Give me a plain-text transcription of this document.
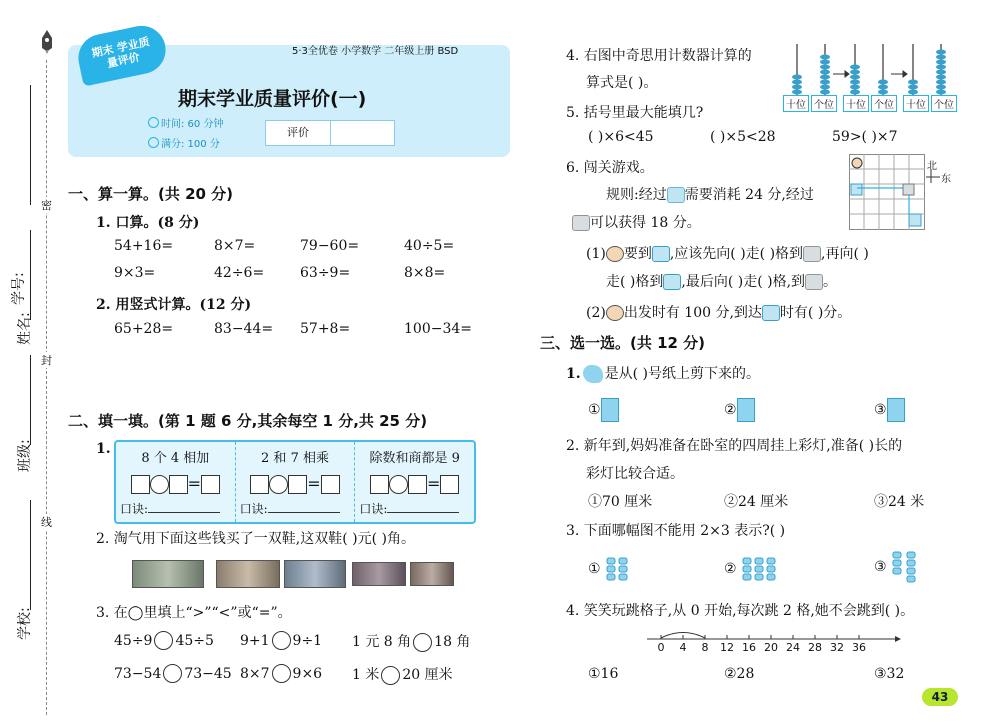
密
封
线
学号:
姓名:
班级:
学校:
期末 学业质量评价	5·3全优卷 小学数学 二年级上册 BSD
期末学业质量评价(一)
时间: 60 分钟
满分: 100 分
评价
一、算一算。(共 20 分)
1. 口算。(8 分)
54+16=	8×7=	79−60=	40÷5=
9×3=	42÷6=	63÷9=	8×8=
2. 用竖式计算。(12 分)
65+28=	83−44=	57+8=	100−34=
二、填一填。(第 1 题 6 分,其余每空 1 分,共 25 分)
1.
8 个 4 相加
=
口诀:
2 和 7 相乘
=
口诀:
除数和商都是 9
=
口诀:
2. 淘气用下面这些钱买了一双鞋,这双鞋( )元( )角。
3. 在◯里填上“>”“<”或“=”。
45÷9 45÷5	9+1 9÷1	1 元 8 角 18 角
73−54 73−45 8×7 9×6	1 米 20 厘米
4. 右图中奇思用计数器计算的
算式是( )。
十位 个位	十位 个位	十位 个位
5. 括号里最大能填几?
( )×6<45	( )×5<28	59>( )×7
6. 闯关游戏。
规则:经过 需要消耗 24 分,经过
可以获得 18 分。
北
东
(1) 要到 ,应该先向( )走( )格到 ,再向( )
走( )格到 ,最后向( )走( )格,到 。
(2) 出发时有 100 分,到达 时有( )分。
三、选一选。(共 12 分)
1. 是从( )号纸上剪下来的。
①	②	③
2. 新年到,妈妈准备在卧室的四周挂上彩灯,准备( )长的
彩灯比较合适。
①70 厘米	②24 厘米	③24 米
3. 下面哪幅图不能用 2×3 表示?( )
①	②	③
4. 笑笑玩跳格子,从 0 开始,每次跳 2 格,她不会跳到( )。
0	4	8	12 16 20 24 28 32 36
①16	②28	③32
43
